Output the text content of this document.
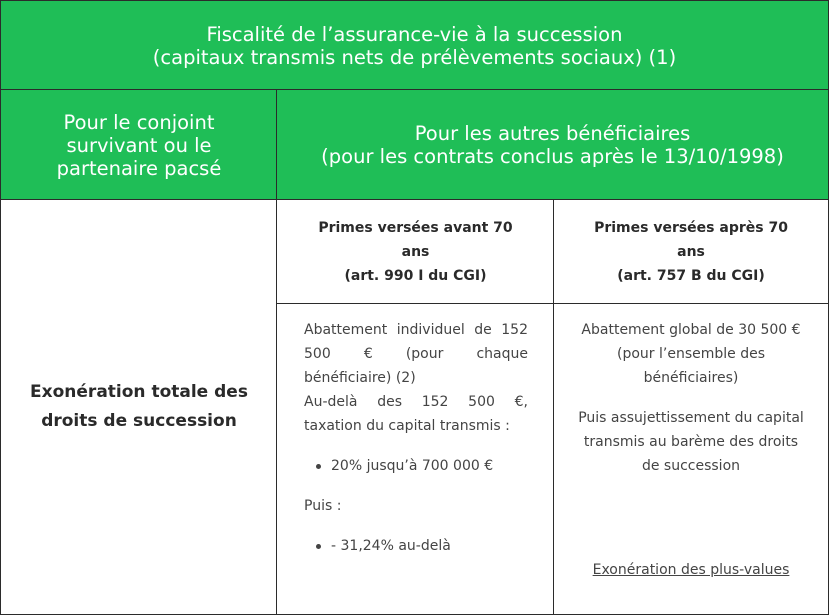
Fiscalité de l’assurance-vie à la succession
(capitaux transmis nets de prélèvements sociaux) (1)
Pour le conjoint survivant ou le partenaire pacsé
Pour les autres bénéficiaires
(pour les contrats conclus après le 13/10/1998)
Exonération totale des droits de succession
Primes versées avant 70 ans
(art. 990 I du CGI)
Primes versées après 70 ans
(art. 757 B du CGI)
Abattement individuel de 152 500 € (pour chaque bénéficiaire) (2)
Au-delà des 152 500 €, taxation du capital transmis :
20% jusqu’à 700 000 €
Puis :
- 31,24% au-delà
Abattement global de 30 500 € (pour l’ensemble des bénéficiaires)
Puis assujettissement du capital transmis au barème des droits de succession
Exonération des plus-values
